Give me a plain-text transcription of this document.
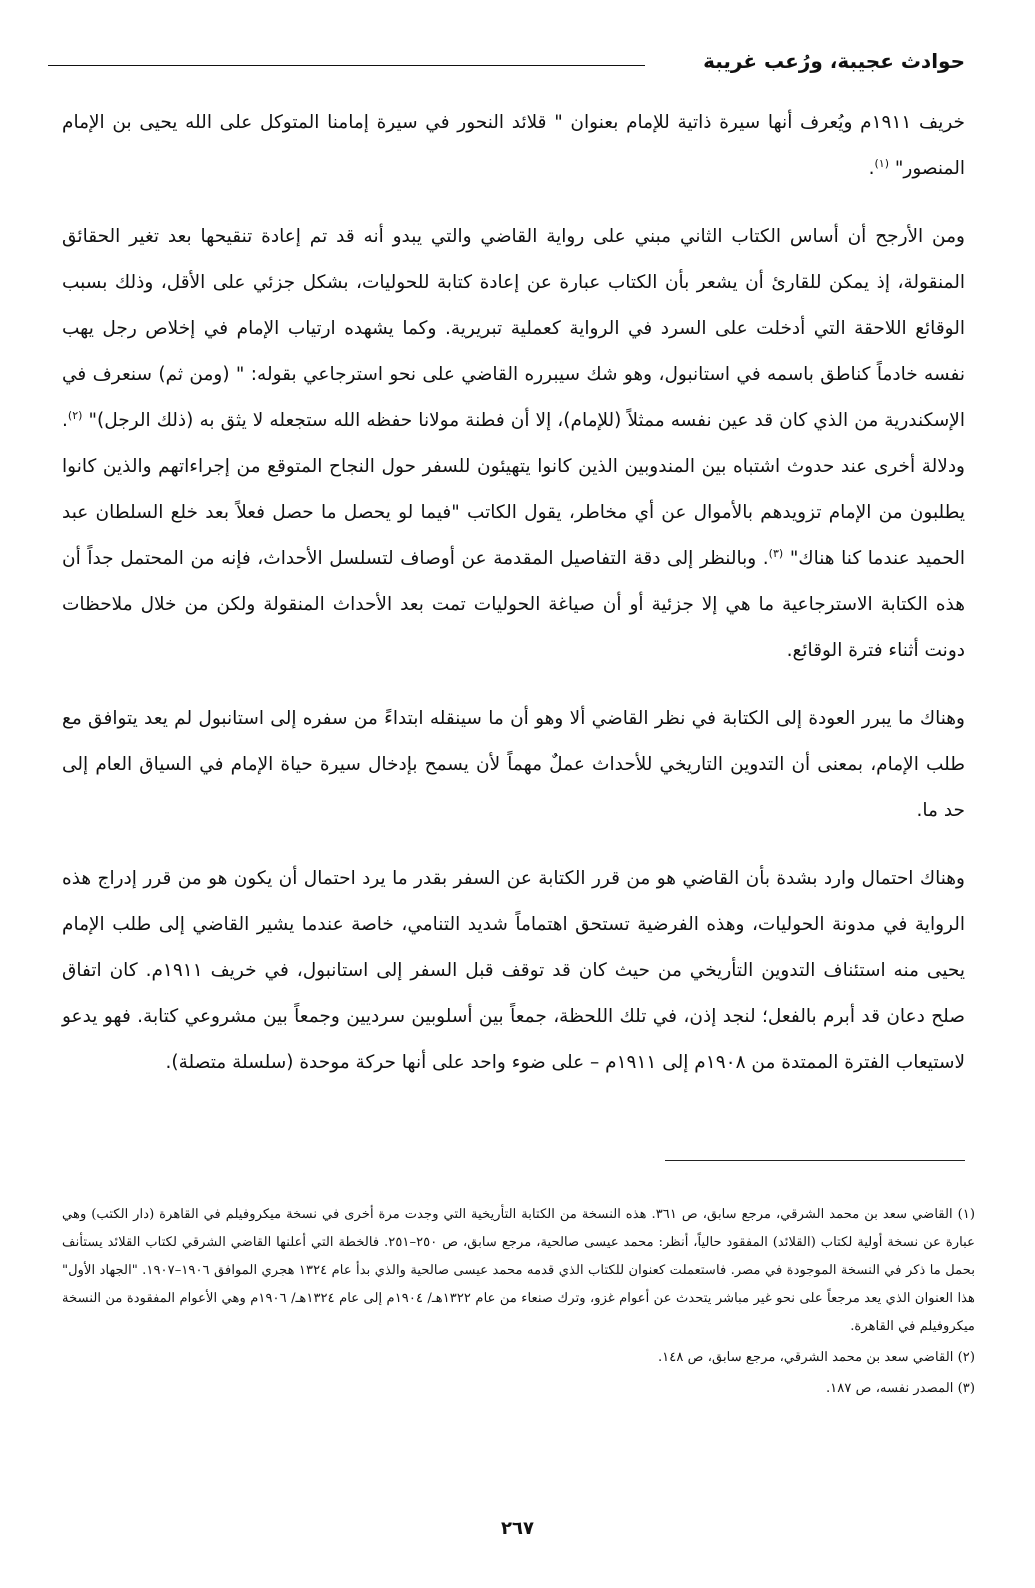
حوادث عجيبة، ورُعب غريبة

خريف ١٩١١م ويُعرف أنها سيرة ذاتية للإمام بعنوان " قلائد النحور في سيرة إمامنا المتوكل على الله يحيى بن الإمام المنصور" $^{(١)}$.

ومن الأرجح أن أساس الكتاب الثاني مبني على رواية القاضي والتي يبدو أنه قد تم إعادة تنقيحها بعد تغير الحقائق المنقولة، إذ يمكن للقارئ أن يشعر بأن الكتاب عبارة عن إعادة كتابة للحوليات، بشكل جزئي على الأقل، وذلك بسبب الوقائع اللاحقة التي أدخلت على السرد في الرواية كعملية تبريرية. وكما يشهده ارتياب الإمام في إخلاص رجل يهب نفسه خادماً كناطق باسمه في استانبول، وهو شك سيبرره القاضي على نحو استرجاعي بقوله: " (ومن ثم) سنعرف في الإسكندرية من الذي كان قد عين نفسه ممثلاً (للإمام)، إلا أن فطنة مولانا حفظه الله ستجعله لا يثق به (ذلك الرجل)" $^{(٢)}$. ودلالة أخرى عند حدوث اشتباه بين المندوبين الذين كانوا يتهيئون للسفر حول النجاح المتوقع من إجراءاتهم والذين كانوا يطلبون من الإمام تزويدهم بالأموال عن أي مخاطر، يقول الكاتب "فيما لو يحصل ما حصل فعلاً بعد خلع السلطان عبد الحميد عندما كنا هناك" $^{(٣)}$. وبالنظر إلى دقة التفاصيل المقدمة عن أوصاف لتسلسل الأحداث، فإنه من المحتمل جداً أن هذه الكتابة الاسترجاعية ما هي إلا جزئية أو أن صياغة الحوليات تمت بعد الأحداث المنقولة ولكن من خلال ملاحظات دونت أثناء فترة الوقائع.

وهناك ما يبرر العودة إلى الكتابة في نظر القاضي ألا وهو أن ما سينقله ابتداءً من سفره إلى استانبول لم يعد يتوافق مع طلب الإمام، بمعنى أن التدوين التاريخي للأحداث عملٌ مهماً لأن يسمح بإدخال سيرة حياة الإمام في السياق العام إلى حد ما.

وهناك احتمال وارد بشدة بأن القاضي هو من قرر الكتابة عن السفر بقدر ما يرد احتمال أن يكون هو من قرر إدراج هذه الرواية في مدونة الحوليات، وهذه الفرضية تستحق اهتماماً شديد التنامي، خاصة عندما يشير القاضي إلى طلب الإمام يحيى منه استئناف التدوين التأريخي من حيث كان قد توقف قبل السفر إلى استانبول، في خريف ١٩١١م. كان اتفاق صلح دعان قد أبرم بالفعل؛ لنجد إذن، في تلك اللحظة، جمعاً بين أسلوبين سرديين وجمعاً بين مشروعي كتابة. فهو يدعو لاستيعاب الفترة الممتدة من ١٩٠٨م إلى ١٩١١م – على ضوء واحد على أنها حركة موحدة (سلسلة متصلة).

(١) القاضي سعد بن محمد الشرقي، مرجع سابق، ص ٣٦١. هذه النسخة من الكتابة التأريخية التي وجدت مرة أخرى في نسخة ميكروفيلم في القاهرة (دار الكتب) وهي عبارة عن نسخة أولية لكتاب (القلائد) المفقود حالياً، أنظر: محمد عيسى صالحية، مرجع سابق، ص ٢٥٠–٢٥١. فالخطة التي أعلنها القاضي الشرقي لكتاب القلائد يستأنف بحمل ما ذكر في النسخة الموجودة في مصر. فاستعملت كعنوان للكتاب الذي قدمه محمد عيسى صالحية والذي بدأ عام ١٣٢٤ هجري الموافق ١٩٠٦–١٩٠٧. "الجهاد الأول" هذا العنوان الذي يعد مرجعاً على نحو غير مباشر يتحدث عن أعوام غزو، وترك صنعاء من عام ١٣٢٢هـ/ ١٩٠٤م إلى عام ١٣٢٤هـ/ ١٩٠٦م وهي الأعوام المفقودة من النسخة ميكروفيلم في القاهرة.

(٢) القاضي سعد بن محمد الشرقي، مرجع سابق، ص ١٤٨.

(٣) المصدر نفسه، ص ١٨٧.

٢٦٧
